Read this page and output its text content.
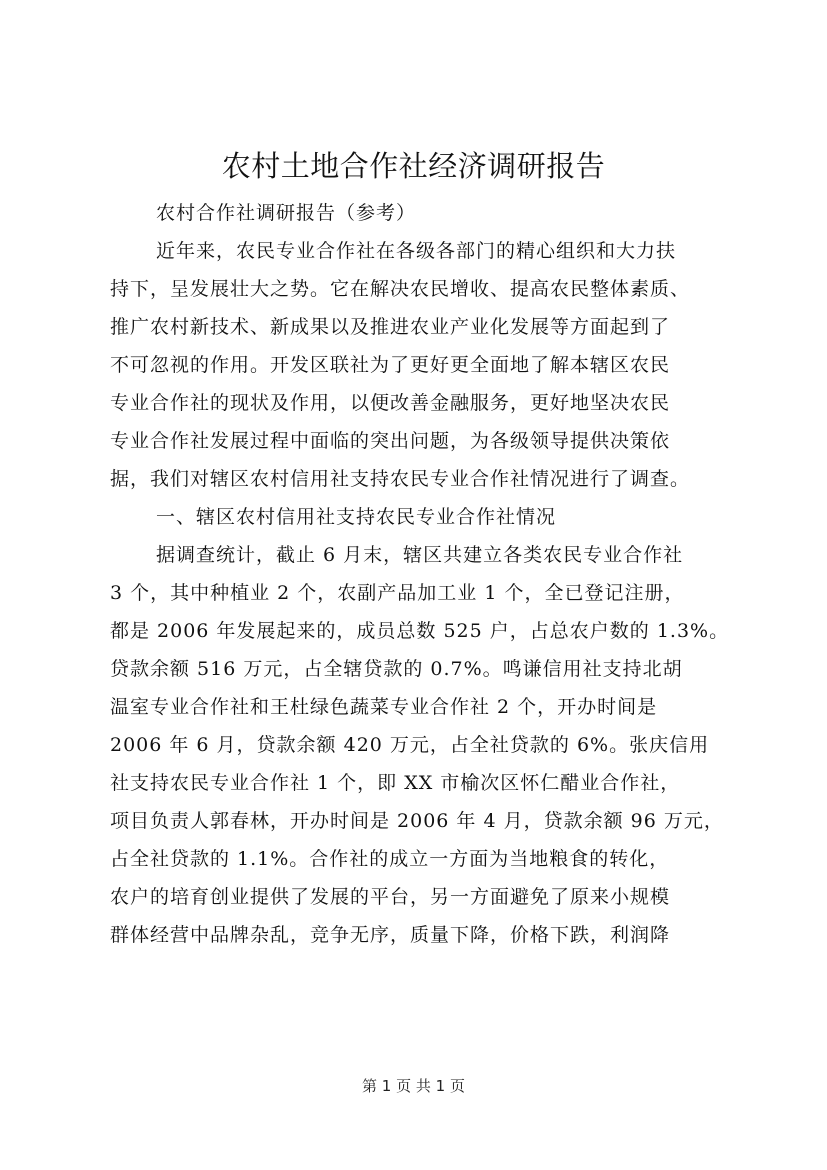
农村土地合作社经济调研报告
农村合作社调研报告（参考）
近年来，农民专业合作社在各级各部门的精心组织和大力扶
持下，呈发展壮大之势。它在解决农民增收、提高农民整体素质、
推广农村新技术、新成果以及推进农业产业化发展等方面起到了
不可忽视的作用。开发区联社为了更好更全面地了解本辖区农民
专业合作社的现状及作用，以便改善金融服务，更好地坚决农民
专业合作社发展过程中面临的突出问题，为各级领导提供决策依
据，我们对辖区农村信用社支持农民专业合作社情况进行了调查。
一、辖区农村信用社支持农民专业合作社情况
据调查统计，截止 6 月末，辖区共建立各类农民专业合作社
3 个，其中种植业 2 个，农副产品加工业 1 个，全已登记注册，
都是 2006 年发展起来的，成员总数 525 户，占总农户数的 1.3%。
贷款余额 516 万元，占全辖贷款的 0.7%。鸣谦信用社支持北胡
温室专业合作社和王杜绿色蔬菜专业合作社 2 个，开办时间是
2006 年 6 月，贷款余额 420 万元，占全社贷款的 6%。张庆信用
社支持农民专业合作社 1 个，即 XX 市榆次区怀仁醋业合作社，
项目负责人郭春林，开办时间是 2006 年 4 月，贷款余额 96 万元，
占全社贷款的 1.1%。合作社的成立一方面为当地粮食的转化，
农户的培育创业提供了发展的平台，另一方面避免了原来小规模
群体经营中品牌杂乱，竞争无序，质量下降，价格下跌，利润降
第 1 页 共 1 页
